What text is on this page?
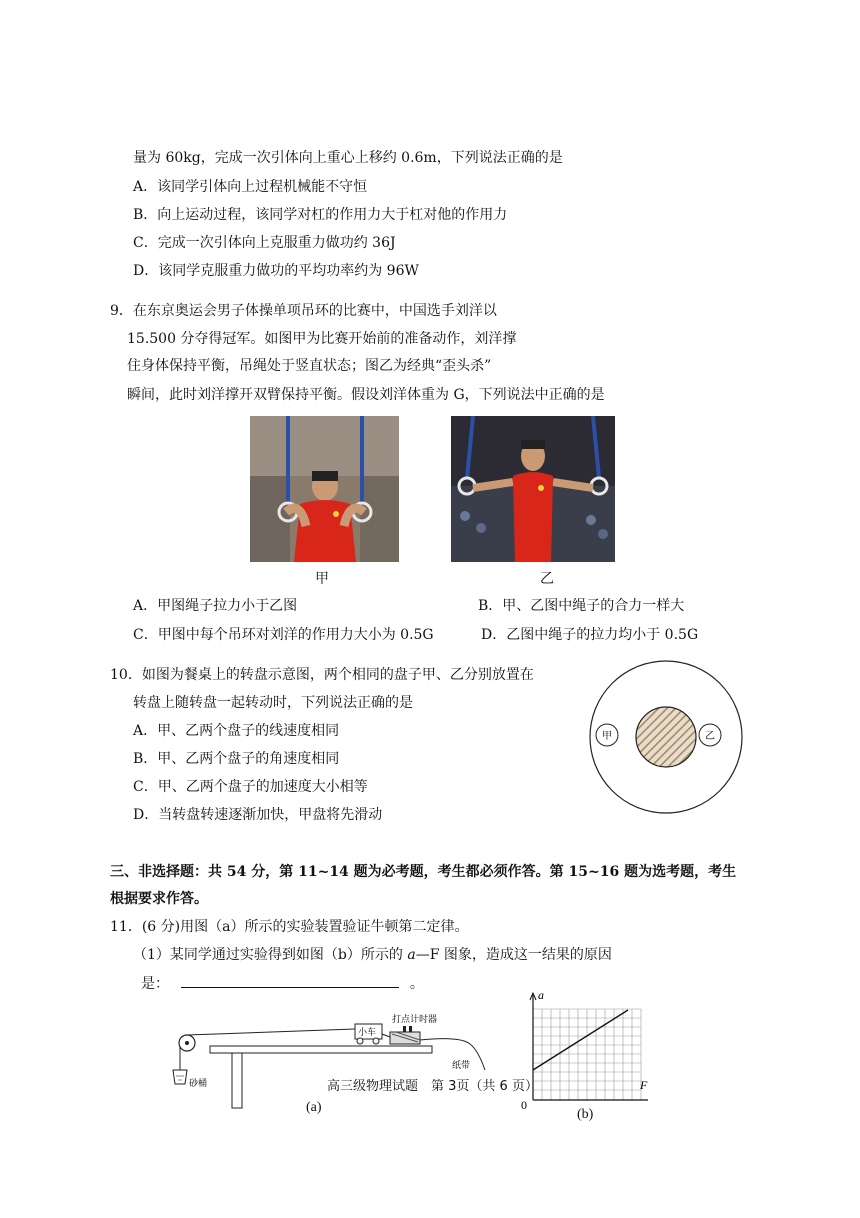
量为 60kg，完成一次引体向上重心上移约 0.6m，下列说法正确的是
A．该同学引体向上过程机械能不守恒
B．向上运动过程，该同学对杠的作用力大于杠对他的作用力
C．完成一次引体向上克服重力做功约 36J
D．该同学克服重力做功的平均功率约为 96W
9．在东京奥运会男子体操单项吊环的比赛中，中国选手刘洋以
15.500 分夺得冠军。如图甲为比赛开始前的准备动作，刘洋撑
住身体保持平衡，吊绳处于竖直状态；图乙为经典“歪头杀”
瞬间，此时刘洋撑开双臂保持平衡。假设刘洋体重为 G，下列说法中正确的是
甲	乙
A．甲图绳子拉力小于乙图	B．甲、乙图中绳子的合力一样大
C．甲图中每个吊环对刘洋的作用力大小为 0.5G	D．乙图中绳子的拉力均小于 0.5G
10．如图为餐桌上的转盘示意图，两个相同的盘子甲、乙分别放置在
转盘上随转盘一起转动时，下列说法正确的是
A．甲、乙两个盘子的线速度相同
B．甲、乙两个盘子的角速度相同
C．甲、乙两个盘子的加速度大小相等
D．当转盘转速逐渐加快，甲盘将先滑动
甲	乙
三、非选择题：共 54 分，第 11~14 题为必考题，考生都必须作答。第 15~16 题为选考题，考生
根据要求作答。
11．(6 分)用图（a）所示的实验装置验证牛顿第二定律。
（1）某同学通过实验得到如图（b）所示的 a—F 图象，造成这一结果的原因
是：	。
砂桶
小车
打点计时器
纸带
(a)
a
F
0
(b)
高三级物理试题　第 3页（共 6 页）
